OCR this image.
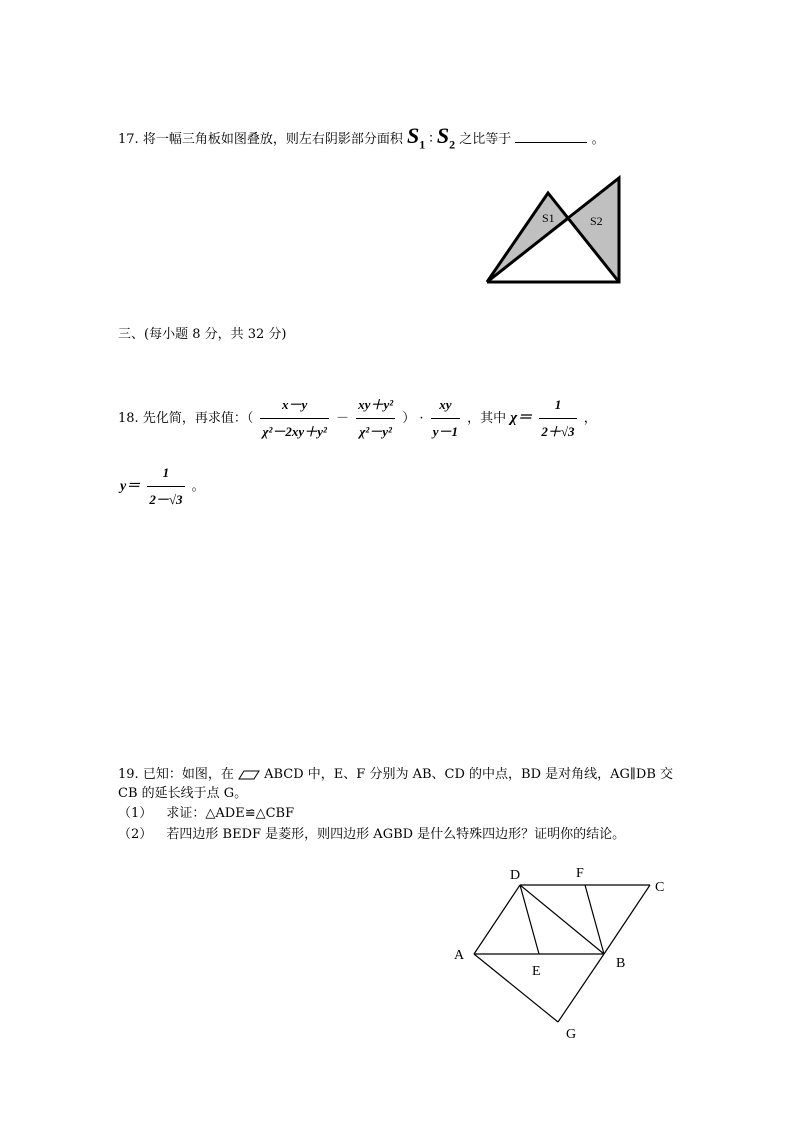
17. 将一幅三角板如图叠放，则左右阴影部分面积 $S_1$ ∶ $S_2$ 之比等于	。
S1	S2
三、(每小题 8 分，共 32 分)
18. 先化简，再求值：（ $\frac{x-y}{\text{χ²－2xy＋y²}} - \frac{\text{xy＋y²}}{\text{χ²－y²}}$ ） · $\frac{xy}{y-1}$ ，其中 $\chi= \frac{1}{2+√3}$ ，
$y= \frac{1}{2-√3}$ 。
19. 已知：如图，在 ABCD 中，E、F 分别为 AB、CD 的中点，BD 是对角线，AG∥DB 交
CB 的延长线于点 G。
（1） 求证：△ADE≌△CBF
（2） 若四边形 BEDF 是菱形，则四边形 AGBD 是什么特殊四边形？证明你的结论。
D	F
C
A
E
B
G
